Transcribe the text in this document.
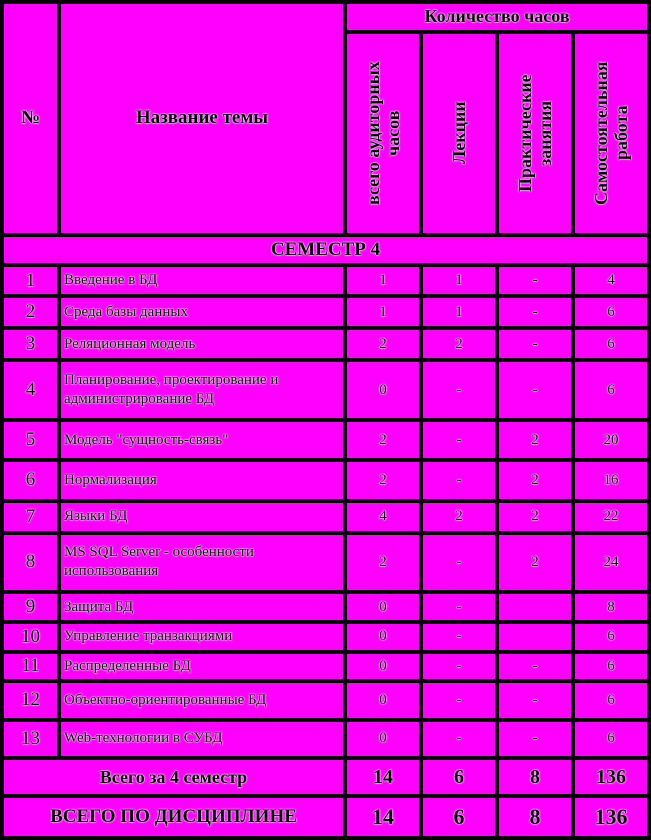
№	Название темы	Количество часов			

		всего аудиторных часов	Лекции	Практические занятия	Самостоятельная работа

СЕМЕСТР 4					
1	Введение в БД	1	1	-	4
2	Среда базы данных	1	1	-	6
3	Реляционная модель	2	2	-	6
4	Планирование, проектирование и администрирование БД	0	-	-	6
5	Модель "сущность-связь"	2	-	2	20
6	Нормализация	2	-	2	16
7	Языки БД	4	2	2	22
8	MS SQL Server - особенности использования	2	-	2	24
9	Защита БД	0	-		8
10	Управление транзакциями	0	-		6
11	Распределенные БД	0	-	-	6
12	Объектно-ориентированные БД	0	-	-	6
13	Web-технологии в СУБД	0	-	-	6
Всего за 4 семестр		14	6	8	136
ВСЕГО ПО ДИСЦИПЛИНЕ		14	6	8	136
